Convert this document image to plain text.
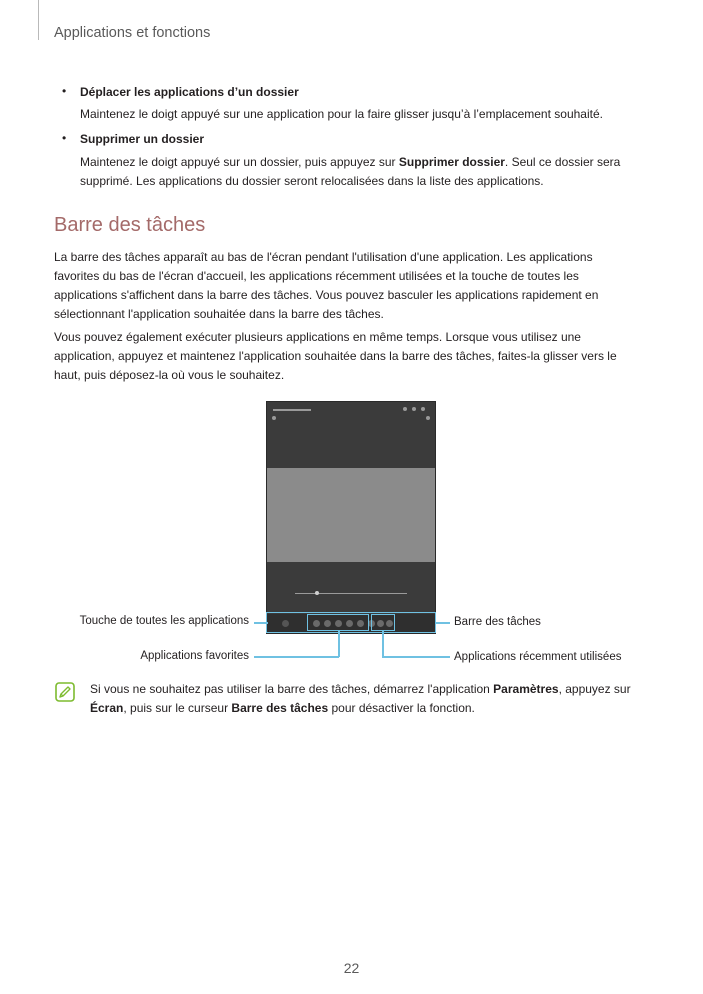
Applications et fonctions
• Déplacer les applications d’un dossier
Maintenez le doigt appuyé sur une application pour la faire glisser jusqu’à l’emplacement souhaité.
• Supprimer un dossier
Maintenez le doigt appuyé sur un dossier, puis appuyez sur Supprimer dossier. Seul ce dossier sera supprimé. Les applications du dossier seront relocalisées dans la liste des applications.
Barre des tâches
La barre des tâches apparaît au bas de l'écran pendant l'utilisation d'une application. Les applications favorites du bas de l'écran d'accueil, les applications récemment utilisées et la touche de toutes les applications s'affichent dans la barre des tâches. Vous pouvez basculer les applications rapidement en sélectionnant l'application souhaitée dans la barre des tâches.
Vous pouvez également exécuter plusieurs applications en même temps. Lorsque vous utilisez une application, appuyez et maintenez l'application souhaitée dans la barre des tâches, faites-la glisser vers le haut, puis déposez-la où vous le souhaitez.
Touche de toutes les applications	Barre des tâches
Applications favorites	Applications récemment utilisées
Si vous ne souhaitez pas utiliser la barre des tâches, démarrez l'application Paramètres, appuyez sur Écran, puis sur le curseur Barre des tâches pour désactiver la fonction.
22
